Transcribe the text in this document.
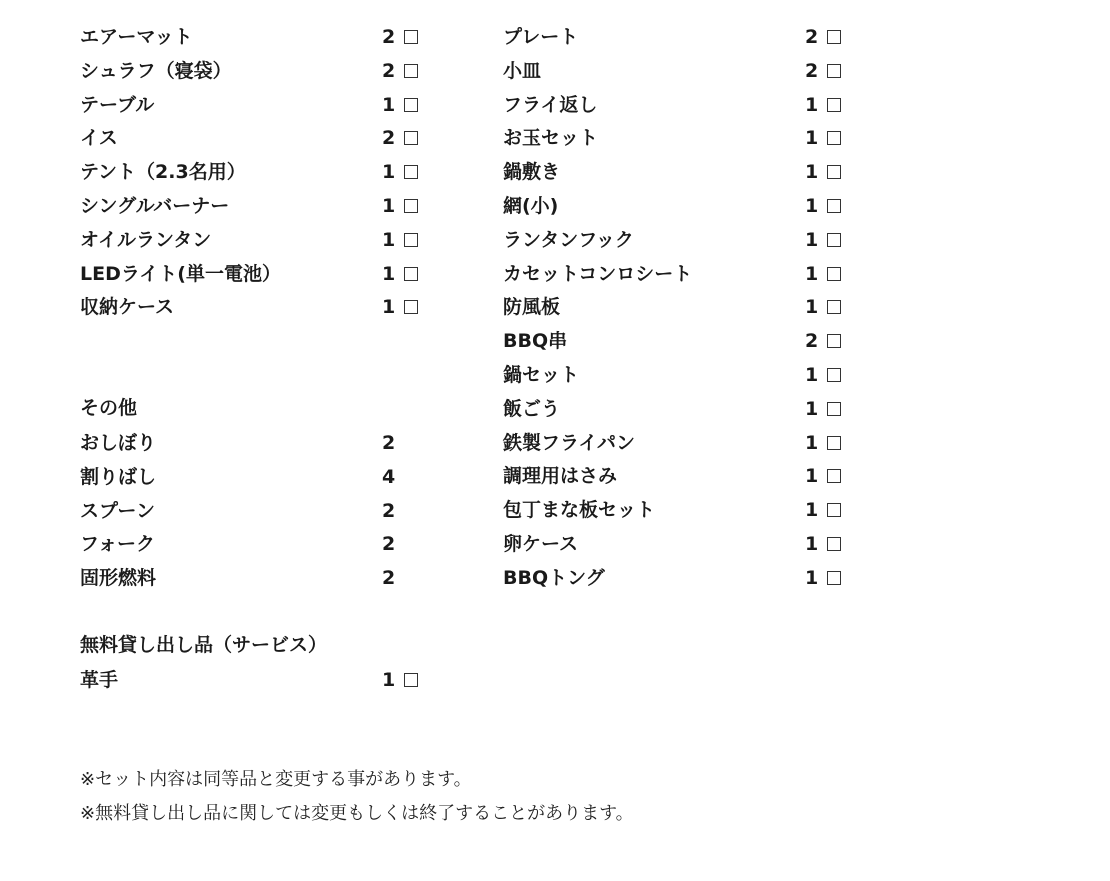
エアーマット	2
シュラフ（寝袋）	2
テーブル	1
イス	2
テント（2.3名用）	1
シングルバーナー	1
オイルランタン	1
LEDライト(単一電池）	1
収納ケース	1
プレート	2
小皿	2
フライ返し	1
お玉セット	1
鍋敷き	1
網(小)	1
ランタンフック	1
カセットコンロシート	1
防風板	1
BBQ串	2
鍋セット	1
飯ごう	1
鉄製フライパン	1
調理用はさみ	1
包丁まな板セット	1
卵ケース	1
BBQトング	1
その他
おしぼり	2
割りばし	4
スプーン	2
フォーク	2
固形燃料	2
無料貸し出し品（サービス）
革手	1
※セット内容は同等品と変更する事があります。
※無料貸し出し品に関しては変更もしくは終了することがあります。
